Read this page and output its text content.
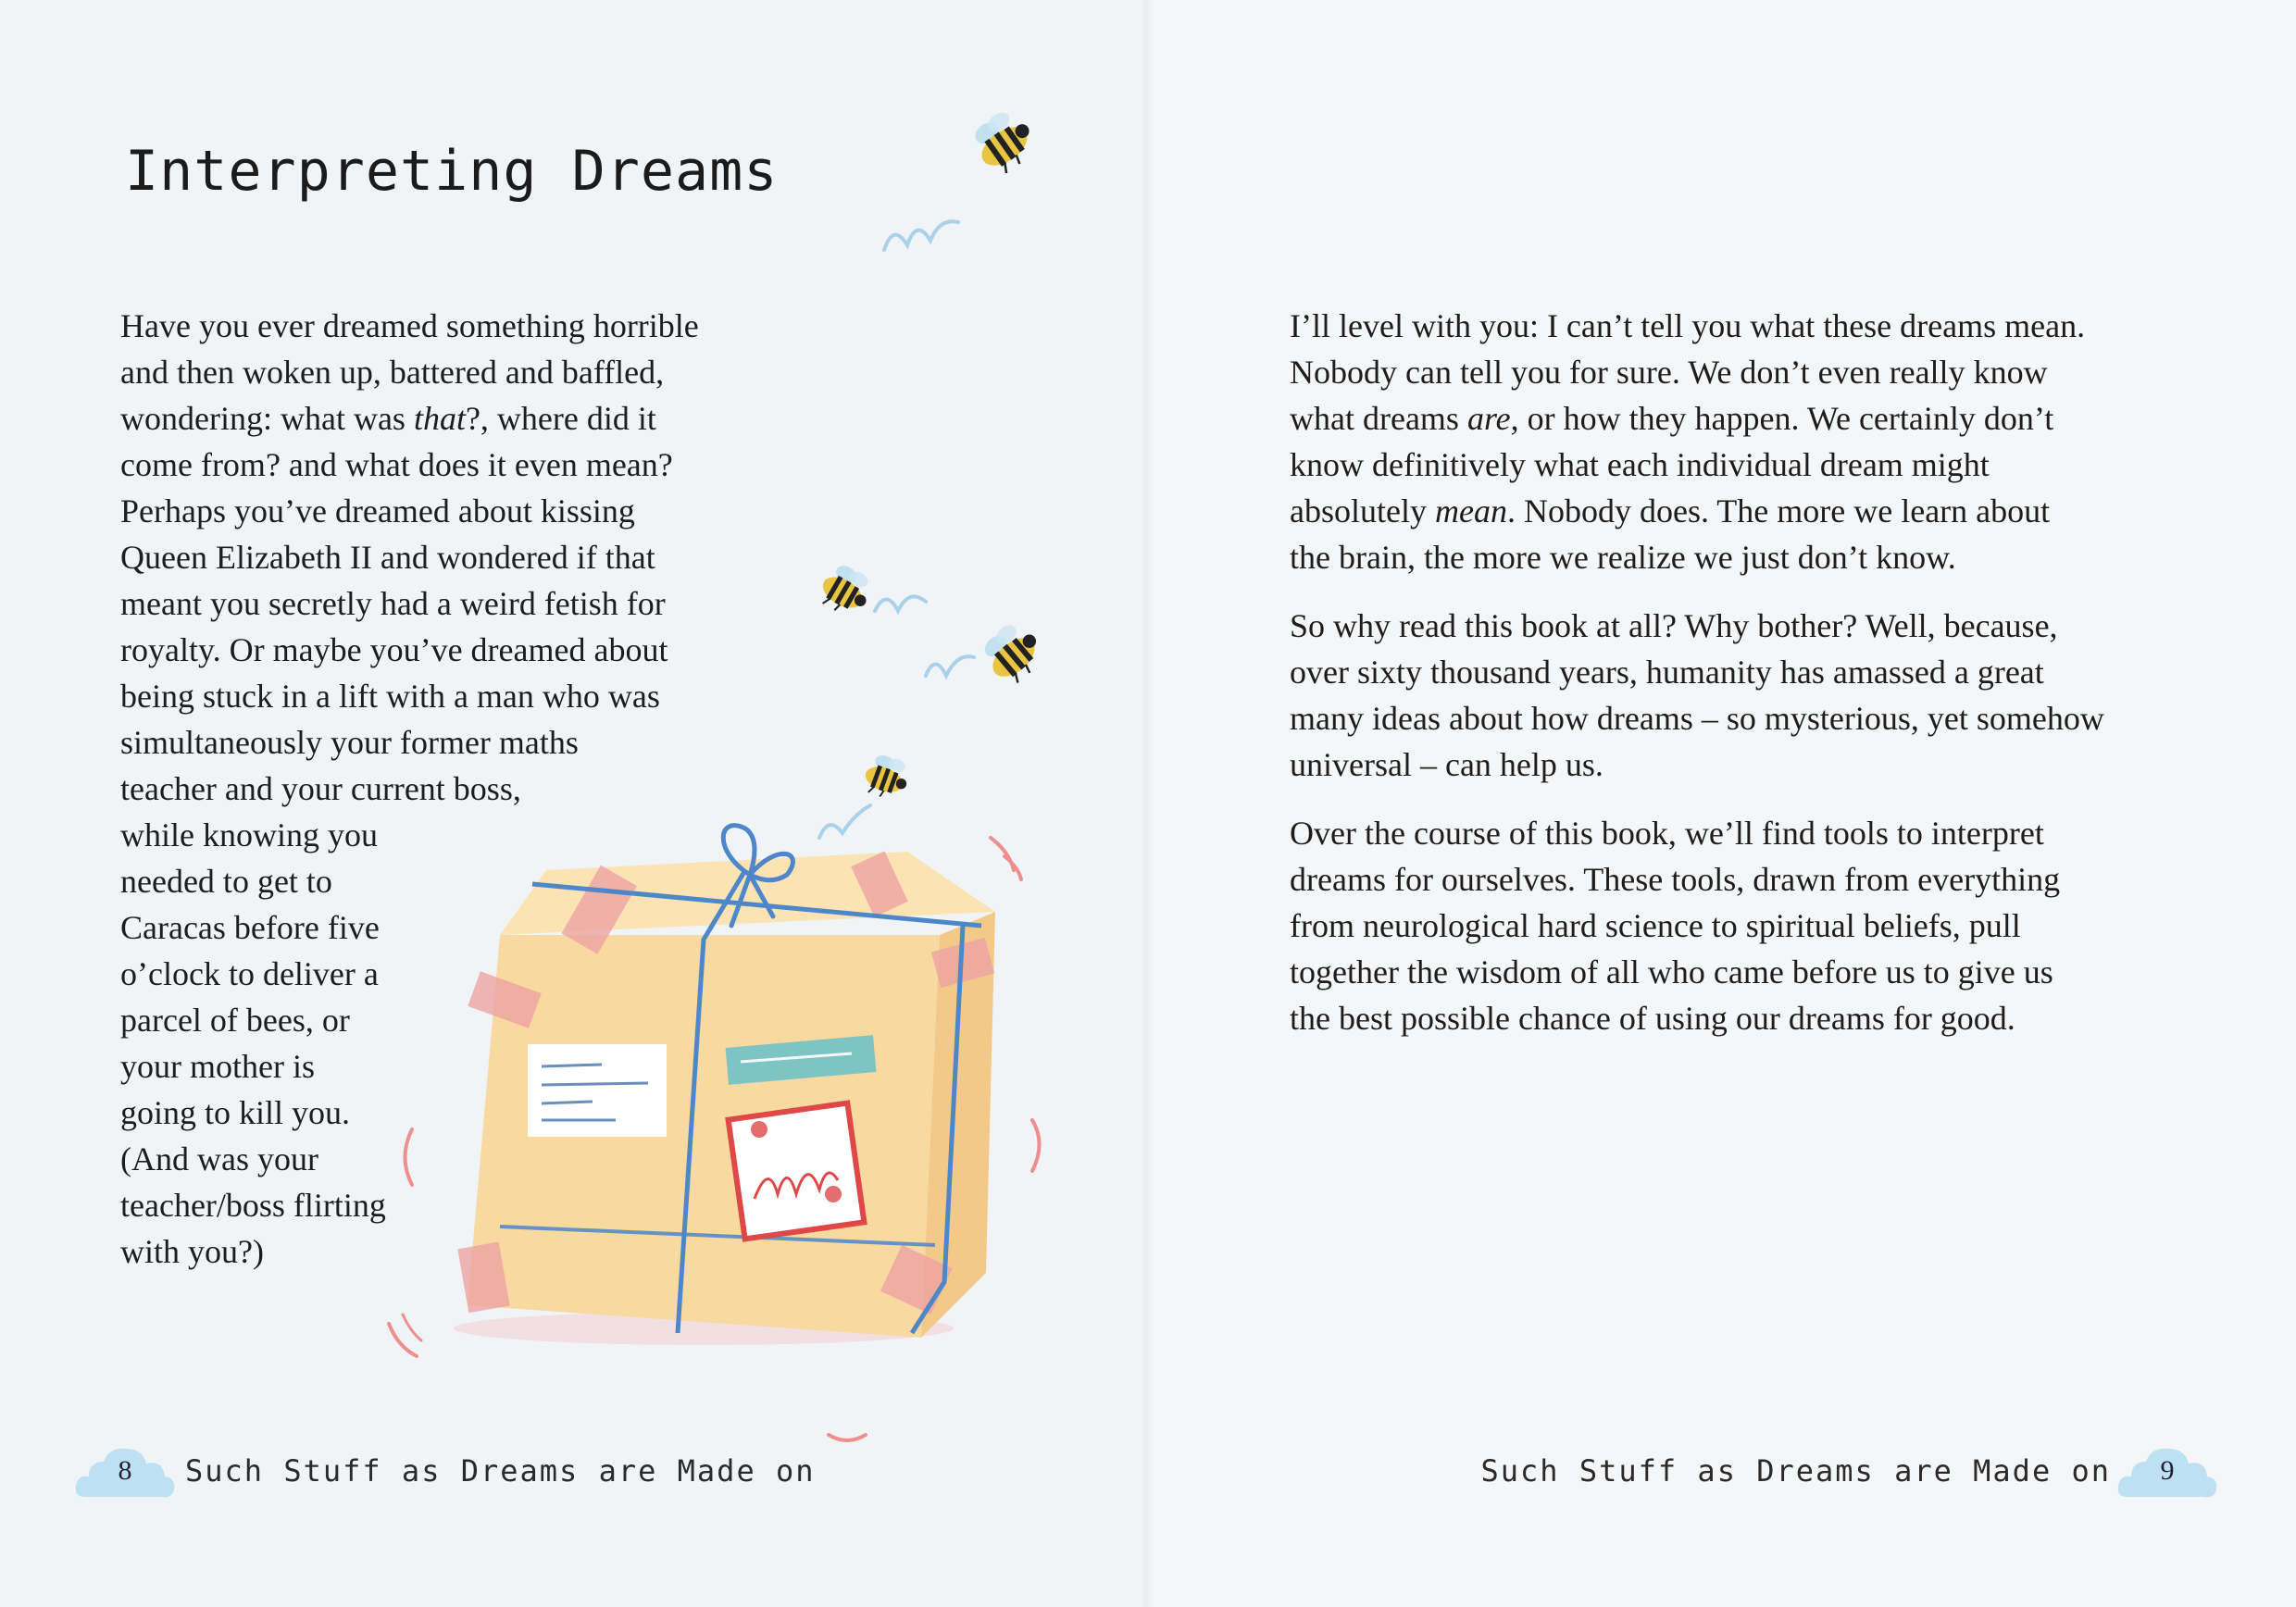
Interpreting Dreams
Have you ever dreamed something horrible
and then woken up, battered and baffled,
wondering: what was that?, where did it
come from? and what does it even mean?
Perhaps you’ve dreamed about kissing
Queen Elizabeth II and wondered if that
meant you secretly had a weird fetish for
royalty. Or maybe you’ve dreamed about
being stuck in a lift with a man who was
simultaneously your former maths
teacher and your current boss,
while knowing you
needed to get to
Caracas before five
o’clock to deliver a
parcel of bees, or
your mother is
going to kill you.
(And was your
teacher/boss flirting
with you?)

I’ll level with you: I can’t tell you what these dreams mean.
Nobody can tell you for sure. We don’t even really know
what dreams are, or how they happen. We certainly don’t
know definitively what each individual dream might
absolutely mean. Nobody does. The more we learn about
the brain, the more we realize we just don’t know.

So why read this book at all? Why bother? Well, because,
over sixty thousand years, humanity has amassed a great
many ideas about how dreams – so mysterious, yet somehow
universal – can help us.

Over the course of this book, we’ll find tools to interpret
dreams for ourselves. These tools, drawn from everything
from neurological hard science to spiritual beliefs, pull
together the wisdom of all who came before us to give us
the best possible chance of using our dreams for good.

8	Such Stuff as Dreams are Made on	Such Stuff as Dreams are Made on	9
